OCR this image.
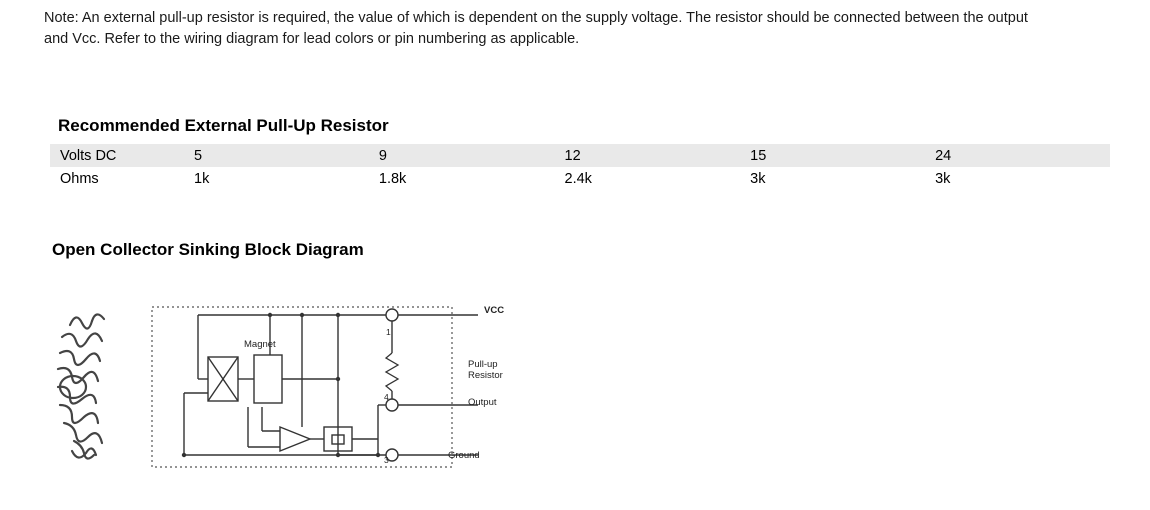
Note: An external pull-up resistor is required, the value of which is dependent on the supply voltage. The resistor should be connected between the output and Vcc. Refer to the wiring diagram for lead colors or pin numbering as applicable.
Recommended External Pull-Up Resistor
Volts DC	5	9	12	15	24
Ohms	1k	1.8k	2.4k	3k	3k
Open Collector Sinking Block Diagram
Magnet
VCC
Pull-up
Resistor
Output
Ground
1
4
3
